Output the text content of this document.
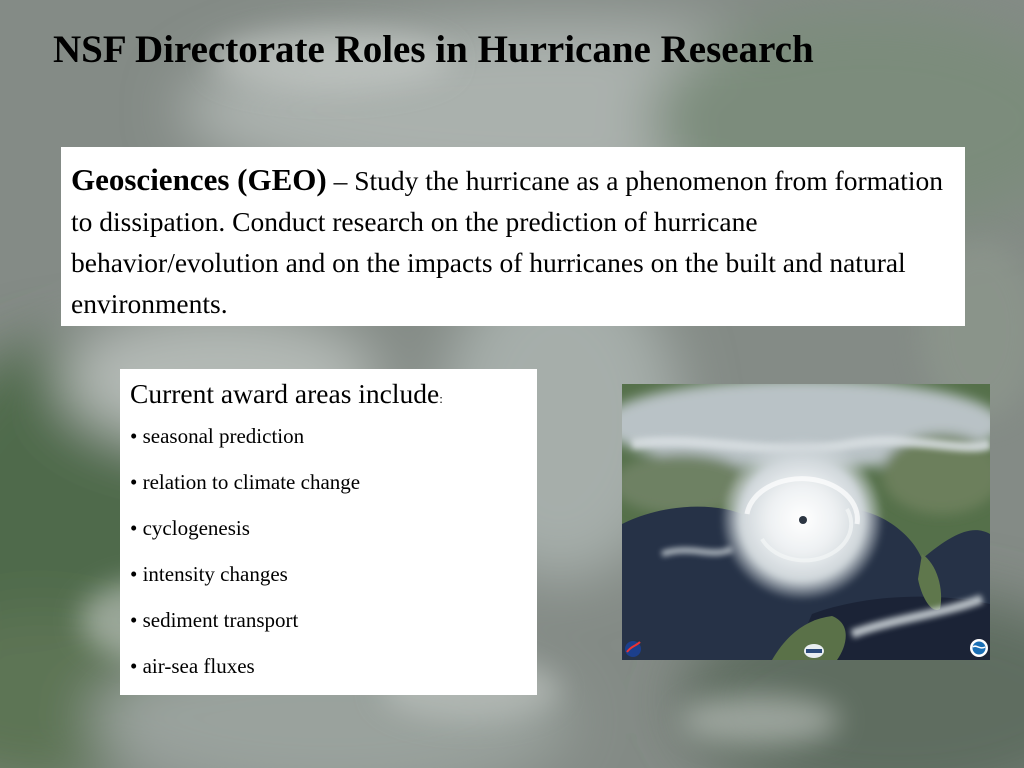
NSF Directorate Roles in Hurricane Research
Geosciences (GEO) – Study the hurricane as a phenomenon from formation to dissipation. Conduct research on the prediction of hurricane behavior/evolution and on the impacts of hurricanes on the built and natural environments.
Current award areas include:
• seasonal prediction
• relation to climate change
• cyclogenesis
• intensity changes
• sediment transport
• air-sea fluxes
